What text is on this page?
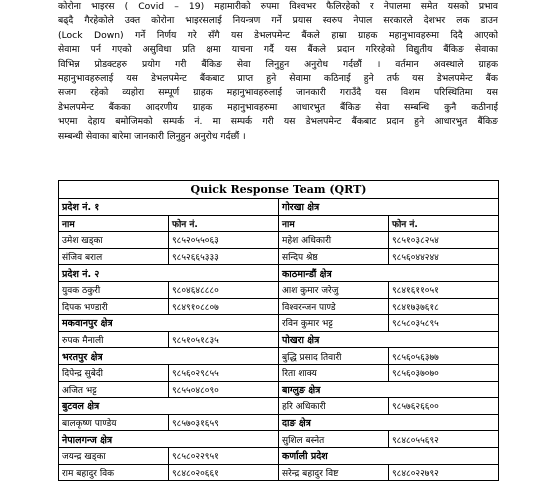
कोरोना भाइरस ( Covid – 19) महामारीको रुपमा विश्वभर फैलिरहेको र नेपालमा समेत यसको प्रभाव
बढ्दै गैरहेकोले उक्त कोरोना भाइरसलाई नियन्त्रण गर्ने प्रयास स्वरुप नेपाल सरकारले देशभर लक डाउन
(Lock Down) गर्ने निर्णय गरे सँगै यस डेभलपमेन्ट बैंकले हाम्रा ग्राहक महानुभावहरुमा दिदै आएको
सेवामा पर्न गएको असुविधा प्रति क्षमा याचना गर्दै यस बैंकले प्रदान गरिरहेको विद्युतीय बैंकिङ सेवाका
विभिन्न प्रोडक्टहरु प्रयोग गरी बैंकिङ सेवा लिनुहुन अनुरोध गर्दछौं । वर्तमान अवस्थाले ग्राहक
महानुभावहरुलाई यस डेभलपमेन्ट बैंकबाट प्राप्त हुने सेवामा कठिनाई हुने तर्फ यस डेभलपमेन्ट बैंक
सजग रहेको व्यहोरा सम्पूर्ण ग्राहक महानुभावहरुलाई जानकारी गराउँदै यस विशम परिस्थितिमा यस
डेभलपमेन्ट बैंकका आदरणीय ग्राहक महानुभावहरुमा आधारभुत बैंकिङ सेवा सम्बन्धि कुनै कठीनाई
भएमा देहाय बमोजिमको सम्पर्क नं. मा सम्पर्क गरी यस डेभलपमेन्ट बैंकबाट प्रदान हुने आधारभुत बैंकिङ
सम्बन्धी सेवाका बारेमा जानकारी लिनुहुन अनुरोध गर्दछौं ।
Quick Response Team (QRT)			
प्रदेश नं. १		गोरखा क्षेत्र	
नाम	फोन नं.	नाम	फोन नं.
उमेश खड्का	९८५२०५५०६३	महेश अधिकारी	९८५१०३८२५४
संजिव बराल	९८५२६६५३३३	सन्दिप श्रेष्ठ	९८५६०४४२४४
प्रदेश नं. २		काठमान्डौं क्षेत्र	
युवक ठकुरी	९८०४६४८८८०	आश कुमार जरेजु	९८४१६११०५१
दिपक भण्डारी	९८४९१०८८०७	विश्वरन्जन पाण्डे	९८४१७३७६१८
मकवानपुर क्षेत्र		रविन कुमार भट्ट	९८५८०३५८९५
रुपक मैनाली	९८५१०५१८३५	पोखरा क्षेत्र	
भरतपुर क्षेत्र		बुद्धि प्रसाद तिवारी	९८५६०५६३७७
दिपेन्द्र सुबेदी	९८५६०२९८५५	रिता शाक्य	९८५६०३७०७०
अजित भट्ट	९८५५०४८०९०	बाग्लुङ क्षेत्र	
बुटवल क्षेत्र		हरि अधिकारी	९८५७६२६६००
बालकृष्ण पाण्डेय	९८५७०३१६५९	दाङ क्षेत्र	
नेपालगन्ज क्षेत्र		सुशिल बस्नेत	९८४८०५५६९२
जयन्द्र खड्का	९८५८०२२९५१	कर्णाली प्रदेश	
राम बहादुर विक	९८४८०२०६६१	सरेन्द्र बहादुर विष्ट	९८४८०२२७९२
